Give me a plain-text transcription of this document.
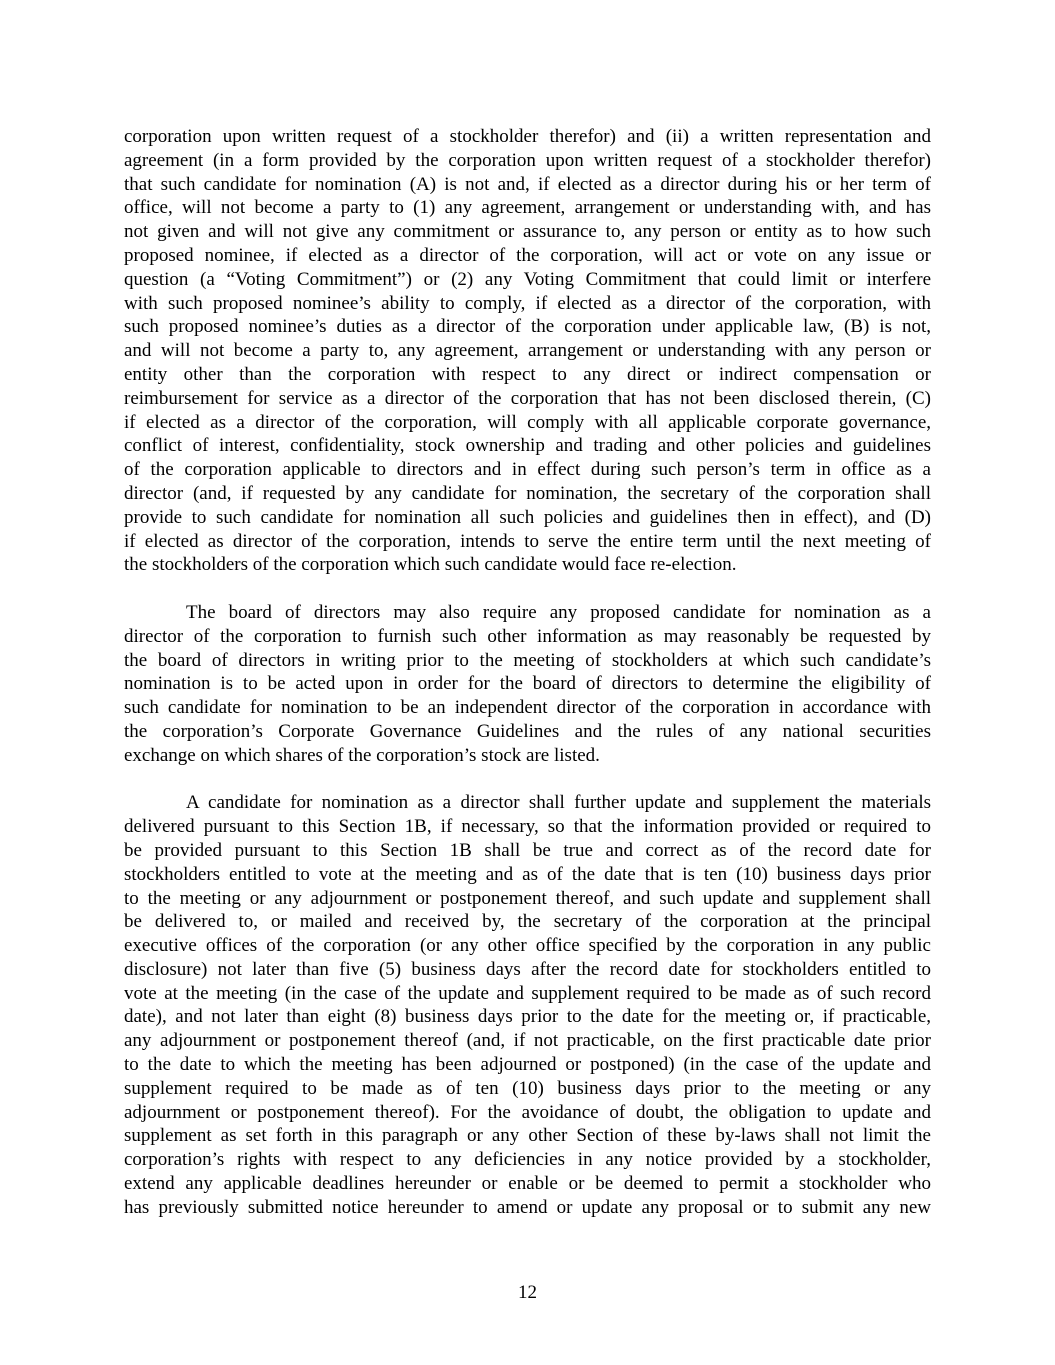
corporation upon written request of a stockholder therefor) and (ii) a written representation and
agreement (in a form provided by the corporation upon written request of a stockholder therefor)
that such candidate for nomination (A) is not and, if elected as a director during his or her term of
office, will not become a party to (1) any agreement, arrangement or understanding with, and has
not given and will not give any commitment or assurance to, any person or entity as to how such
proposed nominee, if elected as a director of the corporation, will act or vote on any issue or
question (a “Voting Commitment”) or (2) any Voting Commitment that could limit or interfere
with such proposed nominee’s ability to comply, if elected as a director of the corporation, with
such proposed nominee’s duties as a director of the corporation under applicable law, (B) is not,
and will not become a party to, any agreement, arrangement or understanding with any person or
entity other than the corporation with respect to any direct or indirect compensation or
reimbursement for service as a director of the corporation that has not been disclosed therein, (C)
if elected as a director of the corporation, will comply with all applicable corporate governance,
conflict of interest, confidentiality, stock ownership and trading and other policies and guidelines
of the corporation applicable to directors and in effect during such person’s term in office as a
director (and, if requested by any candidate for nomination, the secretary of the corporation shall
provide to such candidate for nomination all such policies and guidelines then in effect), and (D)
if elected as director of the corporation, intends to serve the entire term until the next meeting of
the stockholders of the corporation which such candidate would face re-election.
The board of directors may also require any proposed candidate for nomination as a
director of the corporation to furnish such other information as may reasonably be requested by
the board of directors in writing prior to the meeting of stockholders at which such candidate’s
nomination is to be acted upon in order for the board of directors to determine the eligibility of
such candidate for nomination to be an independent director of the corporation in accordance with
the corporation’s Corporate Governance Guidelines and the rules of any national securities
exchange on which shares of the corporation’s stock are listed.
A candidate for nomination as a director shall further update and supplement the materials
delivered pursuant to this Section 1B, if necessary, so that the information provided or required to
be provided pursuant to this Section 1B shall be true and correct as of the record date for
stockholders entitled to vote at the meeting and as of the date that is ten (10) business days prior
to the meeting or any adjournment or postponement thereof, and such update and supplement shall
be delivered to, or mailed and received by, the secretary of the corporation at the principal
executive offices of the corporation (or any other office specified by the corporation in any public
disclosure) not later than five (5) business days after the record date for stockholders entitled to
vote at the meeting (in the case of the update and supplement required to be made as of such record
date), and not later than eight (8) business days prior to the date for the meeting or, if practicable,
any adjournment or postponement thereof (and, if not practicable, on the first practicable date prior
to the date to which the meeting has been adjourned or postponed) (in the case of the update and
supplement required to be made as of ten (10) business days prior to the meeting or any
adjournment or postponement thereof). For the avoidance of doubt, the obligation to update and
supplement as set forth in this paragraph or any other Section of these by-laws shall not limit the
corporation’s rights with respect to any deficiencies in any notice provided by a stockholder,
extend any applicable deadlines hereunder or enable or be deemed to permit a stockholder who
has previously submitted notice hereunder to amend or update any proposal or to submit any new
12
